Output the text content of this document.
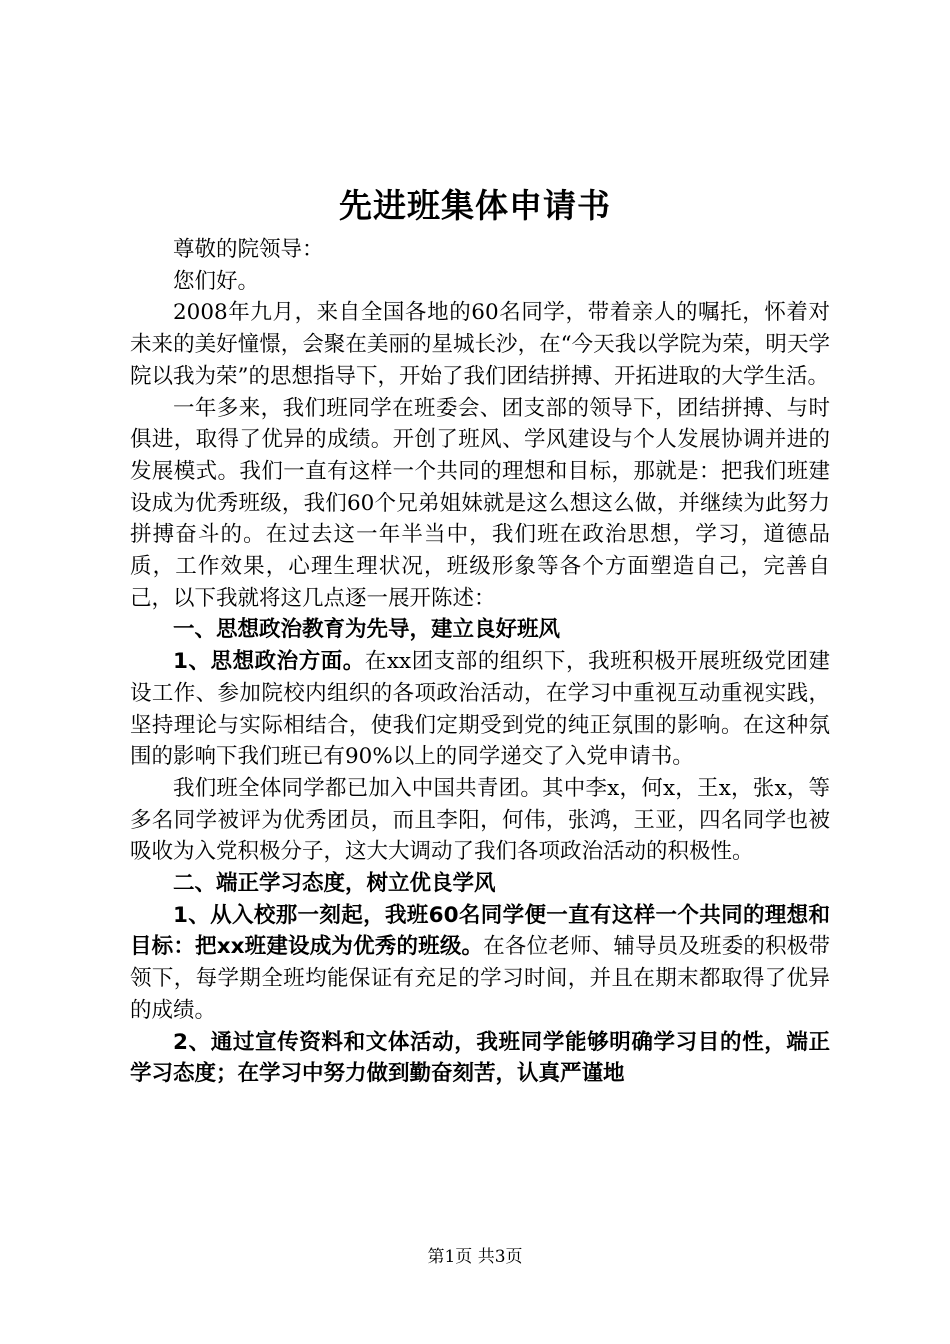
先进班集体申请书

尊敬的院领导：

您们好。

2008年九月，来自全国各地的60名同学，带着亲人的嘱托，怀着对未来的美好憧憬，会聚在美丽的星城长沙，在“今天我以学院为荣，明天学院以我为荣”的思想指导下，开始了我们团结拼搏、开拓进取的大学生活。

一年多来，我们班同学在班委会、团支部的领导下，团结拼搏、与时俱进，取得了优异的成绩。开创了班风、学风建设与个人发展协调并进的发展模式。我们一直有这样一个共同的理想和目标，那就是：把我们班建设成为优秀班级，我们60个兄弟姐妹就是这么想这么做，并继续为此努力拼搏奋斗的。在过去这一年半当中，我们班在政治思想，学习，道德品质，工作效果，心理生理状况，班级形象等各个方面塑造自己，完善自己，以下我就将这几点逐一展开陈述：

一、思想政治教育为先导，建立良好班风

1、思想政治方面。在xx团支部的组织下，我班积极开展班级党团建设工作、参加院校内组织的各项政治活动，在学习中重视互动重视实践，坚持理论与实际相结合，使我们定期受到党的纯正氛围的影响。在这种氛围的影响下我们班已有90%以上的同学递交了入党申请书。

我们班全体同学都已加入中国共青团。其中李x，何x，王x，张x，等多名同学被评为优秀团员，而且李阳，何伟，张鸿，王亚，四名同学也被吸收为入党积极分子，这大大调动了我们各项政治活动的积极性。

二、端正学习态度，树立优良学风

1、从入校那一刻起，我班60名同学便一直有这样一个共同的理想和目标：把xx班建设成为优秀的班级。在各位老师、辅导员及班委的积极带领下，每学期全班均能保证有充足的学习时间，并且在期末都取得了优异的成绩。

2、通过宣传资料和文体活动，我班同学能够明确学习目的性，端正学习态度；在学习中努力做到勤奋刻苦，认真严谨地

第1页 共3页
